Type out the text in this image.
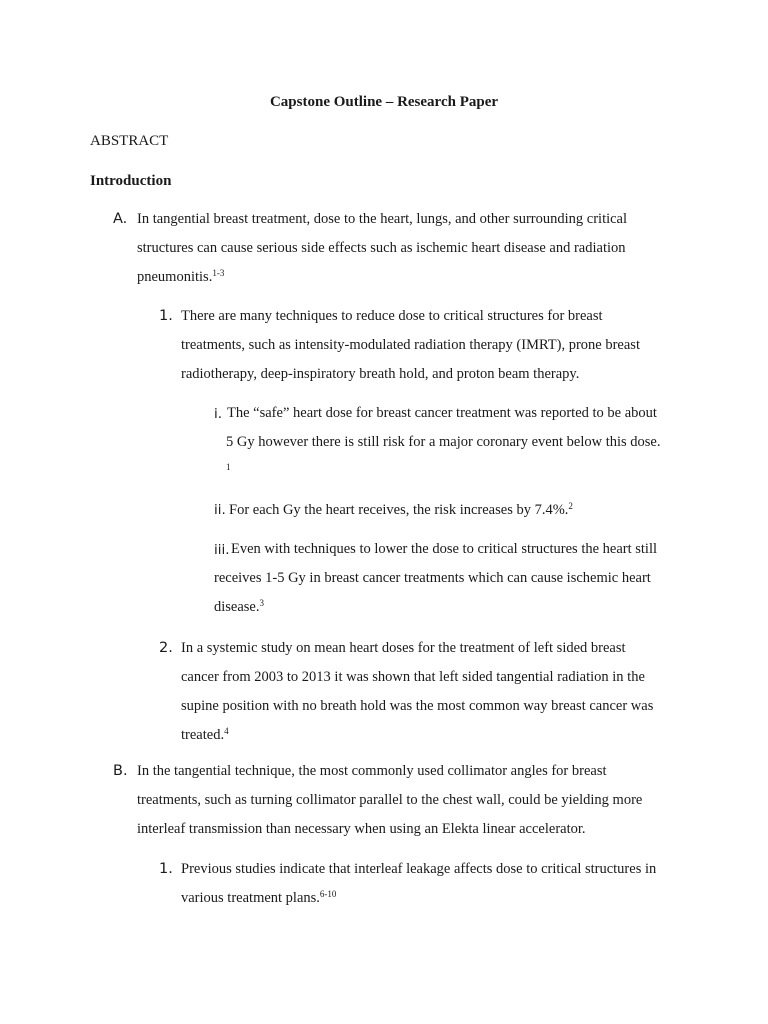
Capstone Outline – Research Paper
ABSTRACT
Introduction
A. In tangential breast treatment, dose to the heart, lungs, and other surrounding critical
structures can cause serious side effects such as ischemic heart disease and radiation
pneumonitis.$^{1-3}$
1. There are many techniques to reduce dose to critical structures for breast
treatments, such as intensity-modulated radiation therapy (IMRT), prone breast
radiotherapy, deep-inspiratory breath hold, and proton beam therapy.
i. The “safe” heart dose for breast cancer treatment was reported to be about
5 Gy however there is still risk for a major coronary event below this dose.
1
ii. For each Gy the heart receives, the risk increases by 7.4%.$^2$
iii. Even with techniques to lower the dose to critical structures the heart still
receives 1-5 Gy in breast cancer treatments which can cause ischemic heart
disease.$^3$
2. In a systemic study on mean heart doses for the treatment of left sided breast
cancer from 2003 to 2013 it was shown that left sided tangential radiation in the
supine position with no breath hold was the most common way breast cancer was
treated.$^4$
B. In the tangential technique, the most commonly used collimator angles for breast
treatments, such as turning collimator parallel to the chest wall, could be yielding more
interleaf transmission than necessary when using an Elekta linear accelerator.
1. Previous studies indicate that interleaf leakage affects dose to critical structures in
various treatment plans.$^{6-10}$
